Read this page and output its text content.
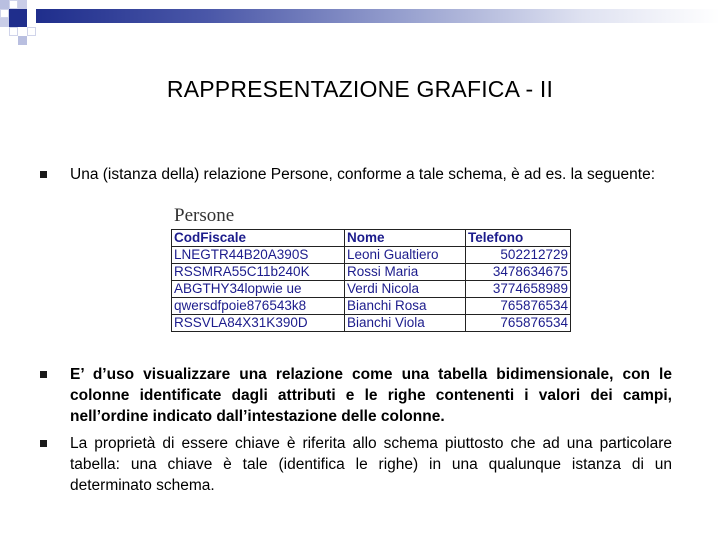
RAPPRESENTAZIONE GRAFICA - II
Una (istanza della) relazione Persone, conforme a tale schema, è ad es. la seguente:
Persone
CodFiscale	Nome	Telefono
LNEGTR44B20A390S	Leoni Gualtiero	502212729
RSSMRA55C11b240K	Rossi Maria	3478634675
ABGTHY34lopwie ue	Verdi Nicola	3774658989
qwersdfpoie876543k8	Bianchi Rosa	765876534
RSSVLA84X31K390D	Bianchi Viola	765876534
E’ d’uso visualizzare una relazione come una tabella bidimensionale, con le colonne identificate dagli attributi e le righe contenenti i valori dei campi, nell’ordine indicato dall’intestazione delle colonne.
La proprietà di essere chiave è riferita allo schema piuttosto che ad una particolare tabella: una chiave è tale (identifica le righe) in una qualunque istanza di un determinato schema.
